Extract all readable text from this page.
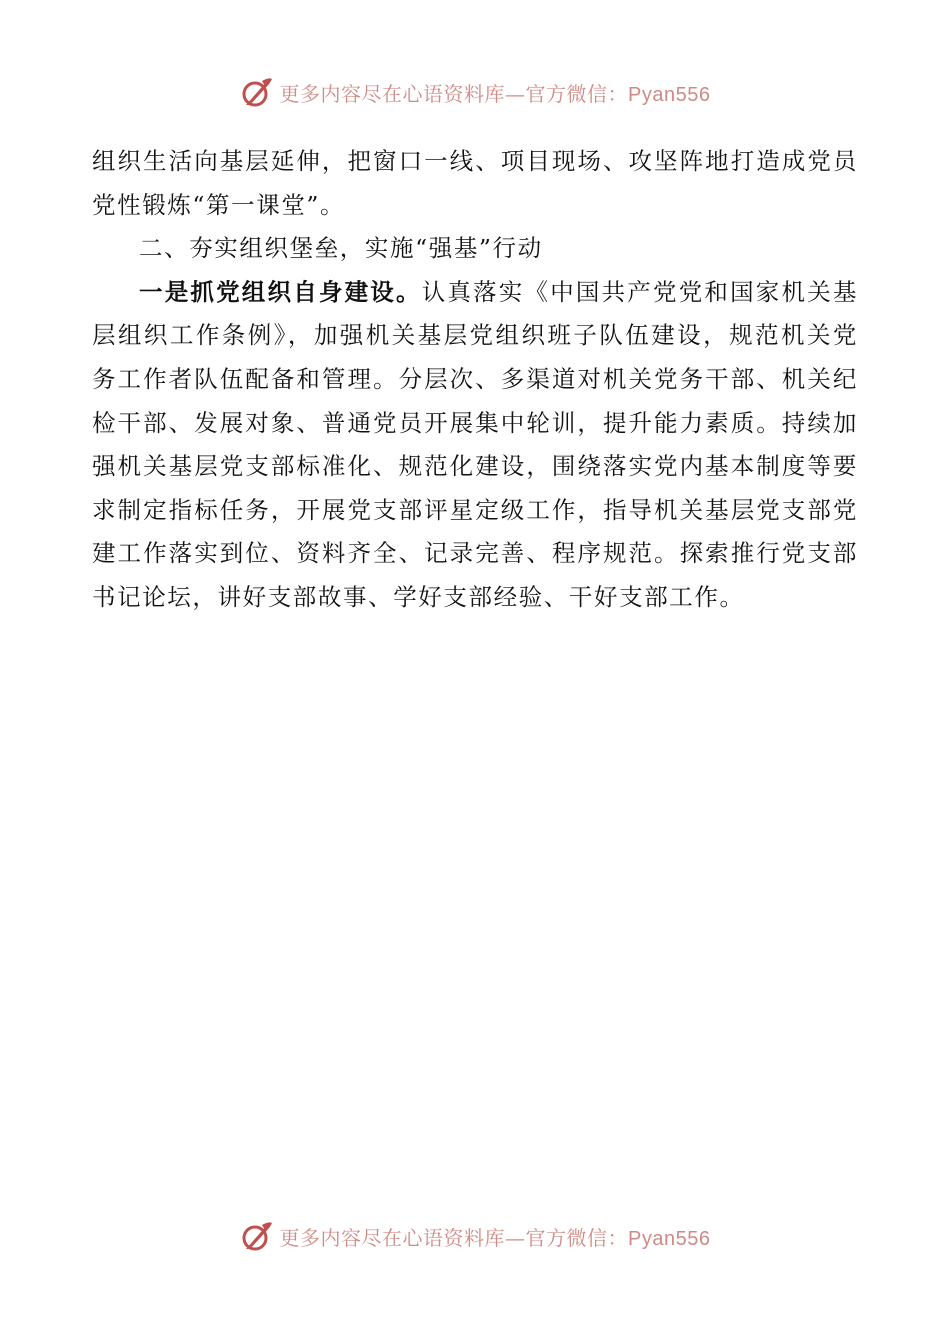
更多内容尽在心语资料库—官方微信：Pyan556

组织生活向基层延伸，把窗口一线、项目现场、攻坚阵地打造成党员党性锻炼“第一课堂”。

二、夯实组织堡垒，实施“强基”行动

一是抓党组织自身建设。认真落实《中国共产党党和国家机关基层组织工作条例》，加强机关基层党组织班子队伍建设，规范机关党务工作者队伍配备和管理。分层次、多渠道对机关党务干部、机关纪检干部、发展对象、普通党员开展集中轮训，提升能力素质。持续加强机关基层党支部标准化、规范化建设，围绕落实党内基本制度等要求制定指标任务，开展党支部评星定级工作，指导机关基层党支部党建工作落实到位、资料齐全、记录完善、程序规范。探索推行党支部书记论坛，讲好支部故事、学好支部经验、干好支部工作。

更多内容尽在心语资料库—官方微信：Pyan556
